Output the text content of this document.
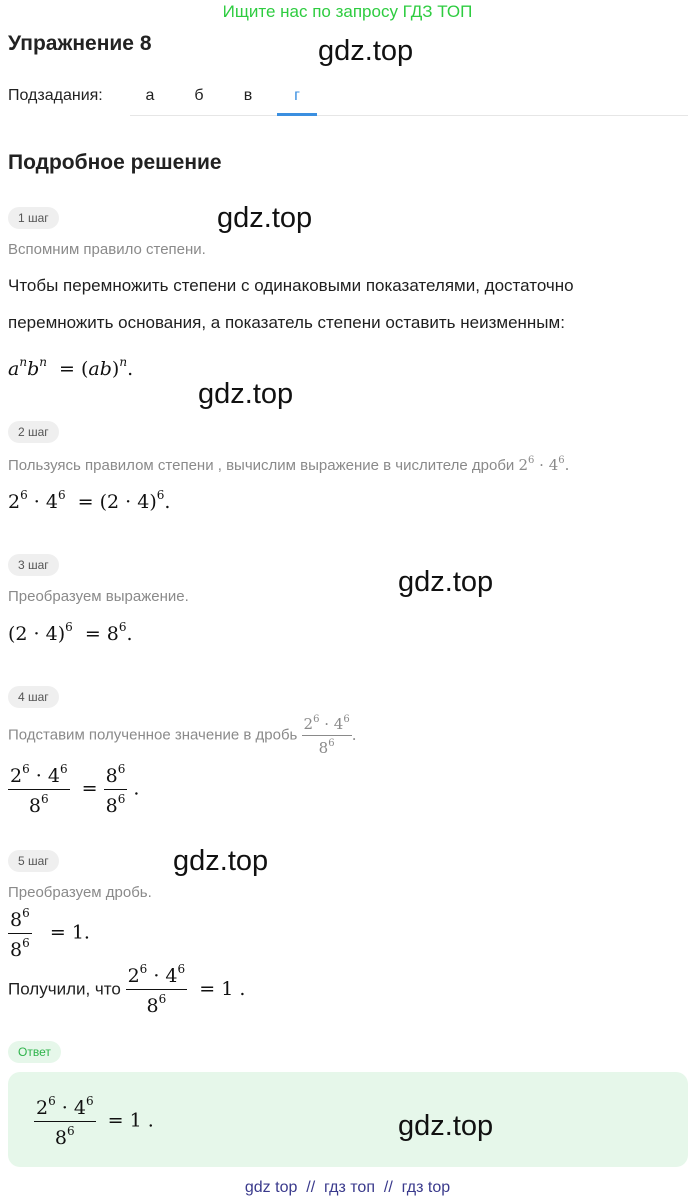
Ищите нас по запросу ГДЗ ТОП
Упражнение 8	gdz.top
Подзадания:	а	б	в	г
Подробное решение
1 шаг	gdz.top
Вспомним правило степени.
Чтобы перемножить степени с одинаковыми показателями, достаточно
перемножить основания, а показатель степени оставить неизменным:
$a^nb^n = (ab)^n$.
gdz.top
2 шаг
Пользуясь правилом степени , вычислим выражение в числителе дроби $2^6 \cdot 4^6$.
$2^6 \cdot 4^6 = (2 \cdot 4)^6$.
3 шаг
gdz.top
Преобразуем выражение.
$(2 \cdot 4)^6 = 8^6$.
4 шаг
Подставим полученное значение в дробь $\frac{2^6 \cdot 4^6}{8^6}$ .
$\frac{2^6 \cdot 4^6}{8^6} = \frac{8^6}{8^6}$ .
5 шаг	gdz.top
Преобразуем дробь.
$\frac{8^6}{8^6} = 1$.
Получили, что $\frac{2^6 \cdot 4^6}{8^6} = 1$ .
Ответ
$\frac{2^6 \cdot 4^6}{8^6} = 1$ .	gdz.top
gdz top  //  гдз топ  //  гдз top
